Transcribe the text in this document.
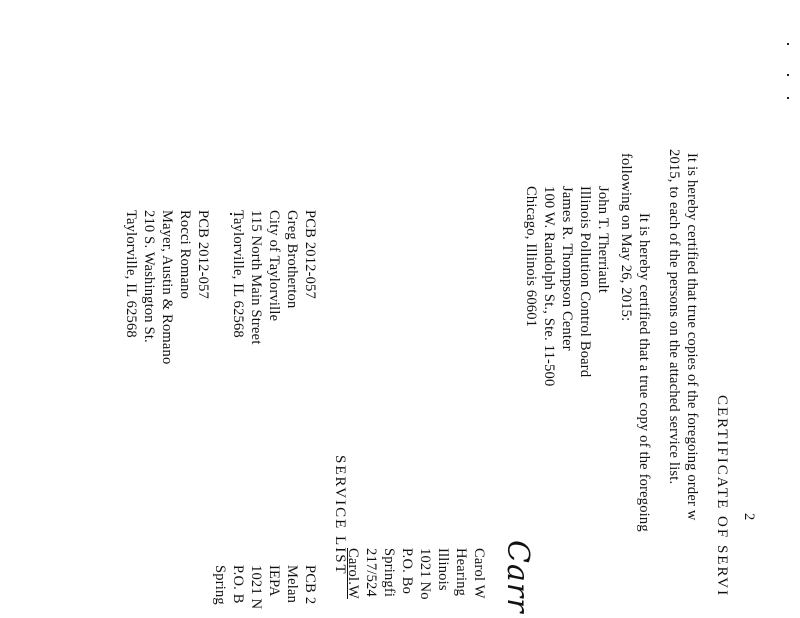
2
CERTIFICATE OF SERVI
It is hereby certified that true copies of the foregoing order w
2015, to each of the persons on the attached service list.
It is hereby certified that a true copy of the foregoing
following on May 26, 2015:
John T. Therriault
Illinois Pollution Control Board
James R. Thompson Center
100 W. Randolph St., Ste. 11-500
Chicago, Illinois 60601
Carr
Carol W
Hearing
Illinois
1021 No
P.O. Bo
Springfi
217/524
Carol.W
SERVICE LIST
PCB 2012-057
Greg Brotherton
City of Taylorville
115 North Main Street
Taylorville, IL 62568
PCB 2012-057
Rocci Romano
Mayer, Austin & Romano
210 S. Washington St.
Taylorville, IL 62568
PCB 2
Melan
IEPA
1021 N
P.O. B
Spring
